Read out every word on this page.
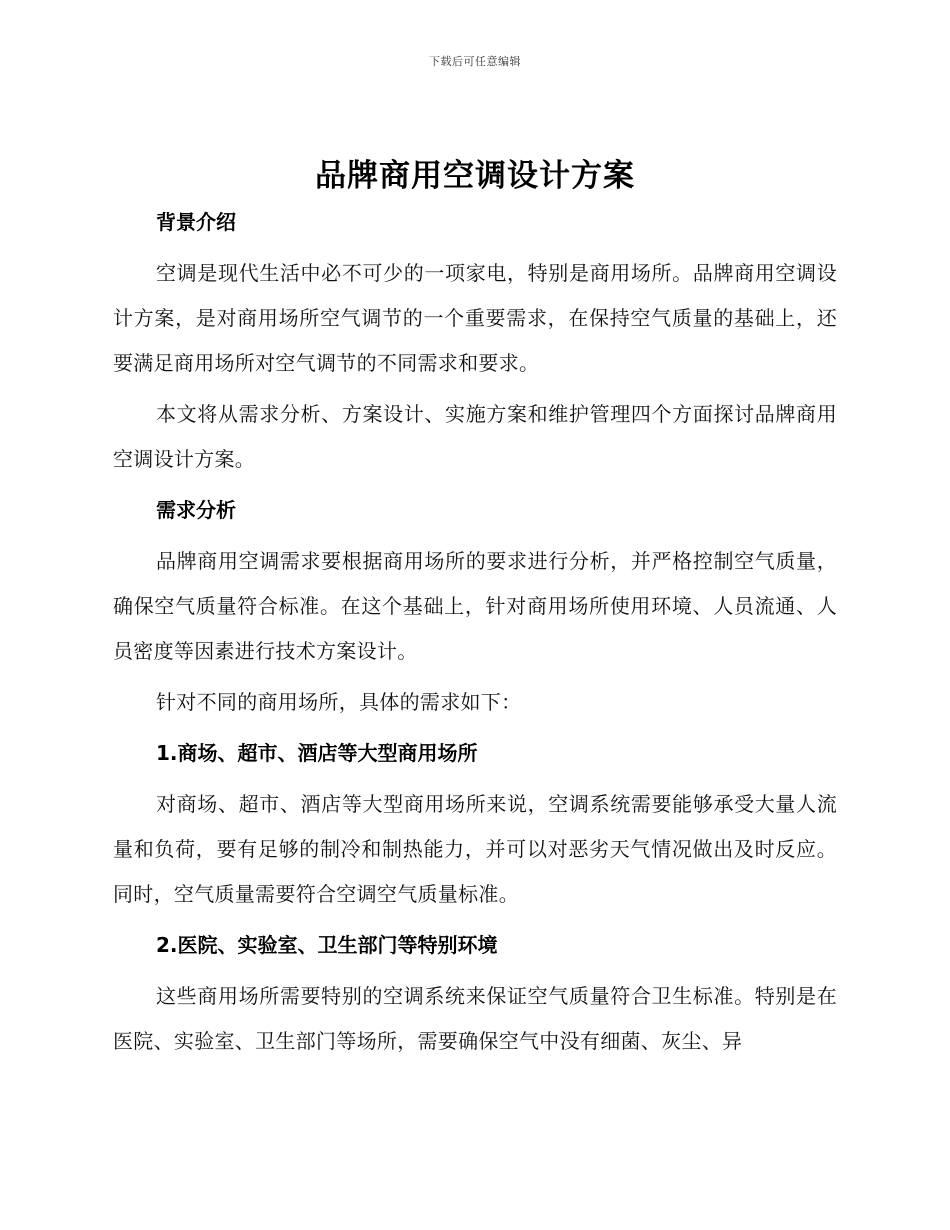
下载后可任意编辑
品牌商用空调设计方案

背景介绍

空调是现代生活中必不可少的一项家电，特别是商用场所。品牌商用空调设计方案，是对商用场所空气调节的一个重要需求，在保持空气质量的基础上，还要满足商用场所对空气调节的不同需求和要求。

本文将从需求分析、方案设计、实施方案和维护管理四个方面探讨品牌商用空调设计方案。

需求分析

品牌商用空调需求要根据商用场所的要求进行分析，并严格控制空气质量，确保空气质量符合标准。在这个基础上，针对商用场所使用环境、人员流通、人员密度等因素进行技术方案设计。

针对不同的商用场所，具体的需求如下：

1.商场、超市、酒店等大型商用场所

对商场、超市、酒店等大型商用场所来说，空调系统需要能够承受大量人流量和负荷，要有足够的制冷和制热能力，并可以对恶劣天气情况做出及时反应。同时，空气质量需要符合空调空气质量标准。

2.医院、实验室、卫生部门等特别环境

这些商用场所需要特别的空调系统来保证空气质量符合卫生标准。特别是在医院、实验室、卫生部门等场所，需要确保空气中没有细菌、灰尘、异
